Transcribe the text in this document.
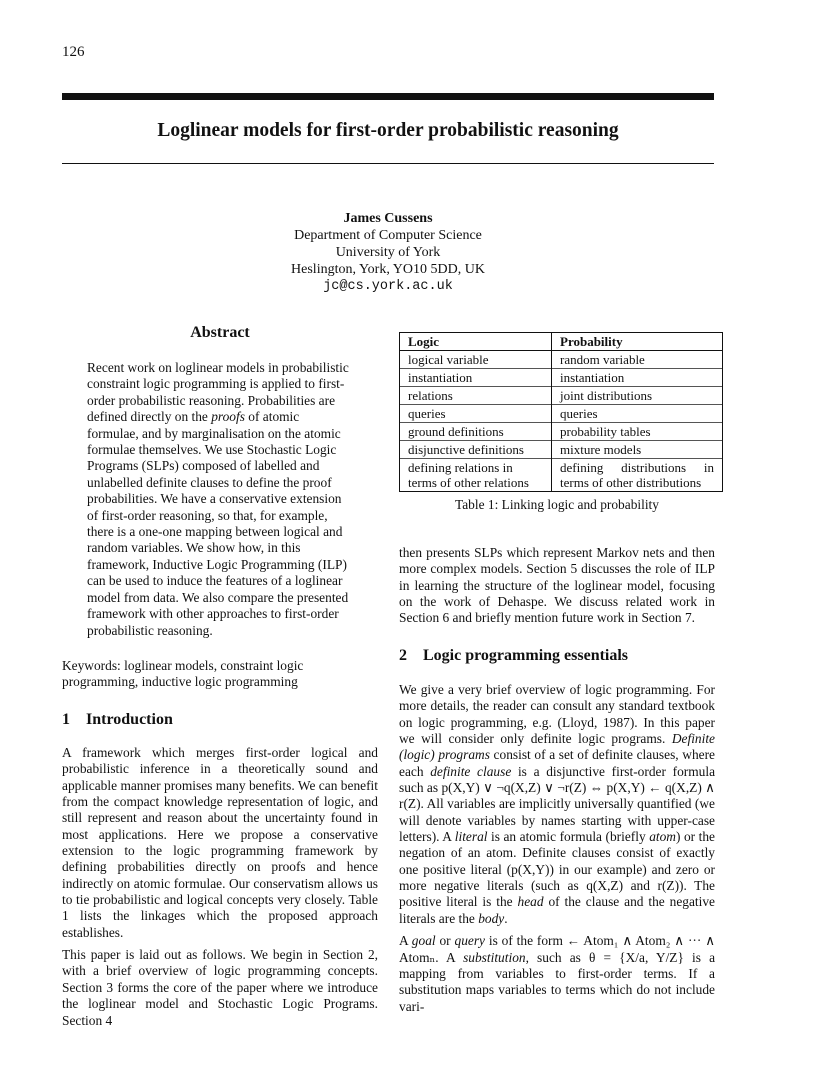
126
Loglinear models for first-order probabilistic reasoning
James Cussens
Department of Computer Science
University of York
Heslington, York, YO10 5DD, UK
jc@cs.york.ac.uk
Abstract
Recent work on loglinear models in probabilistic constraint logic programming is applied to first-order probabilistic reasoning. Probabilities are defined directly on the proofs of atomic formulae, and by marginalisation on the atomic formulae themselves. We use Stochastic Logic Programs (SLPs) composed of labelled and unlabelled definite clauses to define the proof probabilities. We have a conservative extension of first-order reasoning, so that, for example, there is a one-one mapping between logical and random variables. We show how, in this framework, Inductive Logic Programming (ILP) can be used to induce the features of a loglinear model from data. We also compare the presented framework with other approaches to first-order probabilistic reasoning.
Keywords: loglinear models, constraint logic programming, inductive logic programming
1 Introduction

A framework which merges first-order logical and probabilistic inference in a theoretically sound and applicable manner promises many benefits. We can benefit from the compact knowledge representation of logic, and still represent and reason about the uncertainty found in most applications. Here we propose a conservative extension to the logic programming framework by defining probabilities directly on proofs and hence indirectly on atomic formulae. Our conservatism allows us to tie probabilistic and logical concepts very closely. Table 1 lists the linkages which the proposed approach establishes.

This paper is laid out as follows. We begin in Section 2, with a brief overview of logic programming concepts. Section 3 forms the core of the paper where we introduce the loglinear model and Stochastic Logic Programs. Section 4

Logic	Probability
logical variable	random variable
instantiation	instantiation
relations	joint distributions
queries	queries
ground definitions	probability tables
disjunctive definitions	mixture models
defining relations in terms of other relations	defining distributions in terms of other distributions
Table 1: Linking logic and probability
then presents SLPs which represent Markov nets and then more complex models. Section 5 discusses the role of ILP in learning the structure of the loglinear model, focusing on the work of Dehaspe. We discuss related work in Section 6 and briefly mention future work in Section 7.
2 Logic programming essentials

We give a very brief overview of logic programming. For more details, the reader can consult any standard textbook on logic programming, e.g. (Lloyd, 1987). In this paper we will consider only definite logic programs. Definite (logic) programs consist of a set of definite clauses, where each definite clause is a disjunctive first-order formula such as p(X,Y) ∨ ¬q(X,Z) ∨ ¬r(Z) ⇔ p(X,Y) ← q(X,Z) ∧ r(Z). All variables are implicitly universally quantified (we will denote variables by names starting with upper-case letters). A literal is an atomic formula (briefly atom) or the negation of an atom. Definite clauses consist of exactly one positive literal (p(X,Y)) in our example) and zero or more negative literals (such as q(X,Z) and r(Z)). The positive literal is the head of the clause and the negative literals are the body.

A goal or query is of the form ← Atom₁ ∧ Atom₂ ∧ ··· ∧ Atomₙ. A substitution, such as θ = {X/a, Y/Z} is a mapping from variables to first-order terms. If a substitution maps variables to terms which do not include vari-
